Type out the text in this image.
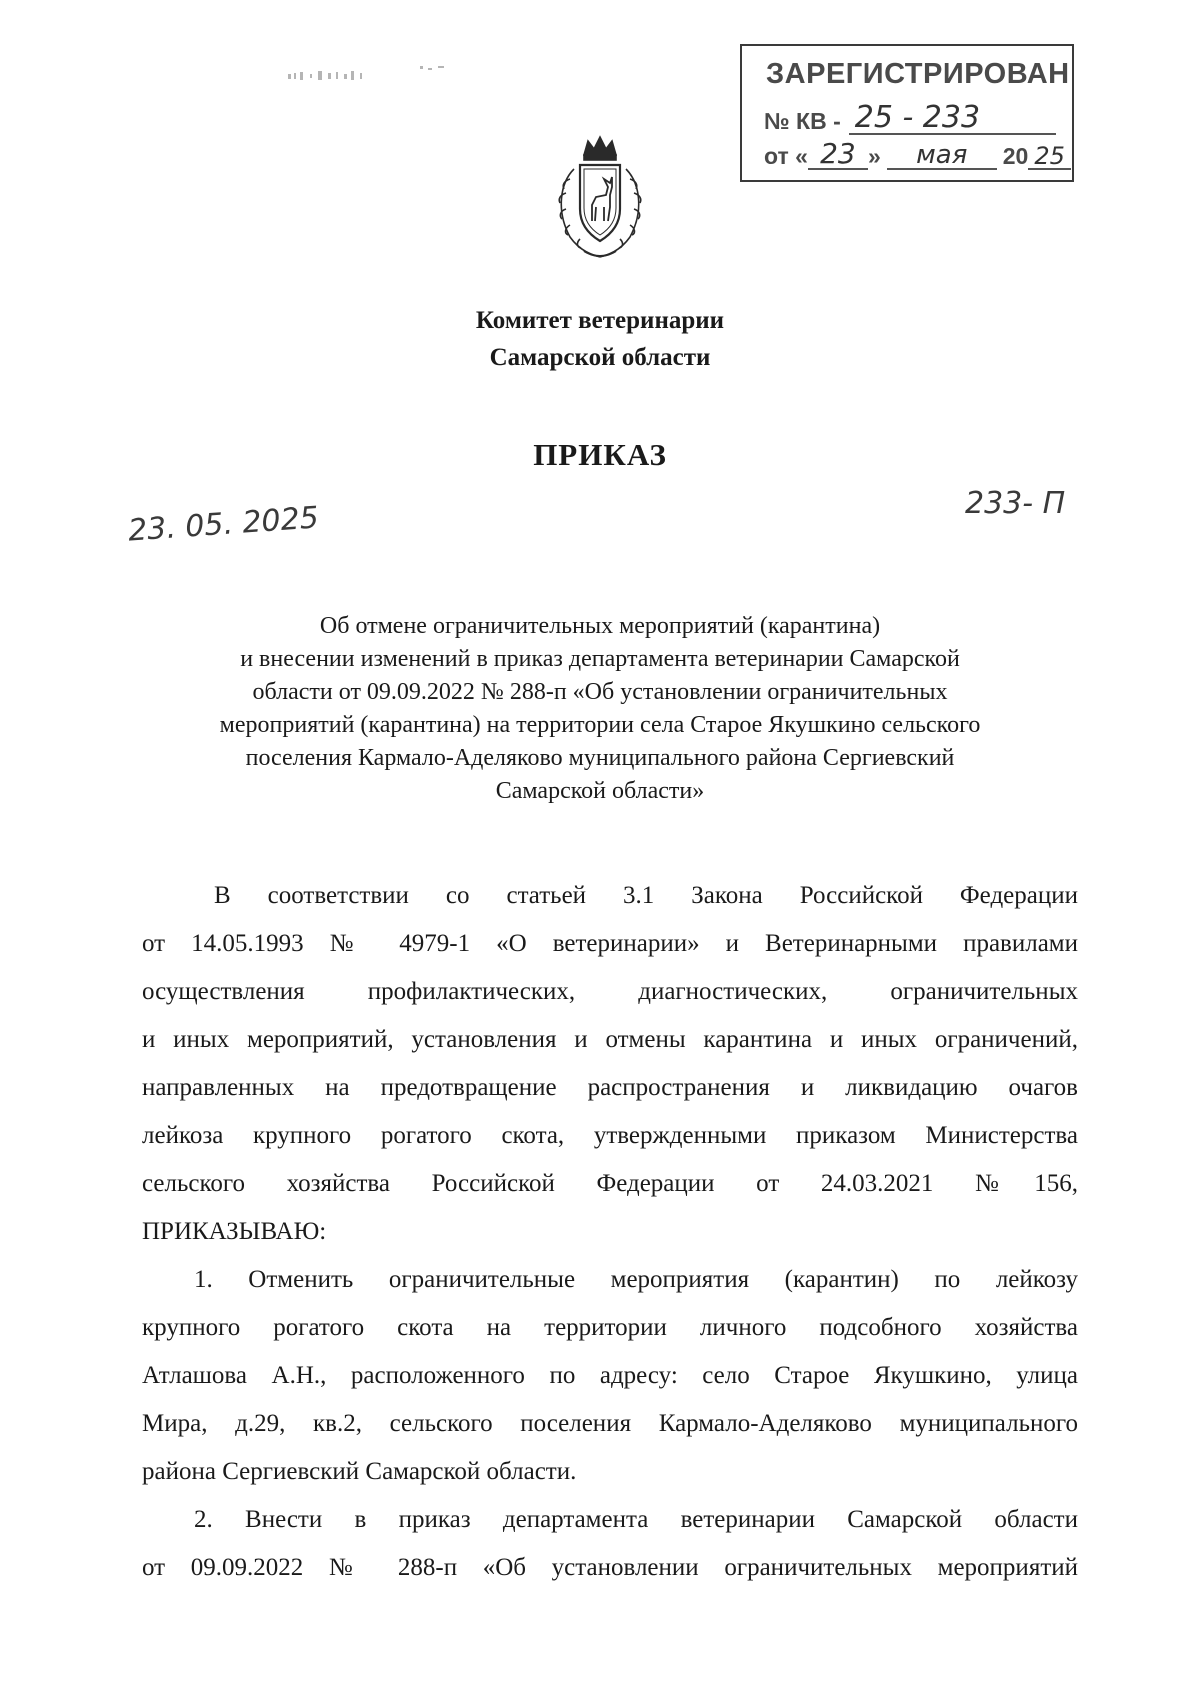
ЗАРЕГИСТРИРОВАН
№ КВ - 25 - 233
от « 23 »	мая	20 25
Комитет ветеринарии
Самарской области
ПРИКАЗ
23. 05. 2025	233- П
Об отмене ограничительных мероприятий (карантина)
и внесении изменений в приказ департамента ветеринарии Самарской
области от 09.09.2022 № 288-п «Об установлении ограничительных
мероприятий (карантина) на территории села Старое Якушкино сельского
поселения Кармало-Аделяково муниципального района Сергиевский
Самарской области»
В соответствии со статьей 3.1 Закона Российской Федерации
от 14.05.1993 № 4979-1 «О ветеринарии» и Ветеринарными правилами
осуществления профилактических, диагностических, ограничительных
и иных мероприятий, установления и отмены карантина и иных ограничений,
направленных на предотвращение распространения и ликвидацию очагов
лейкоза крупного рогатого скота, утвержденными приказом Министерства
сельского хозяйства Российской Федерации от 24.03.2021 №156,
ПРИКАЗЫВАЮ:
1. Отменить ограничительные мероприятия (карантин) по лейкозу
крупного рогатого скота на территории личного подсобного хозяйства
Атлашова А.Н., расположенного по адресу: село Старое Якушкино, улица
Мира, д.29, кв.2, сельского поселения Кармало-Аделяково муниципального
района Сергиевский Самарской области.
2. Внести в приказ департамента ветеринарии Самарской области
от 09.09.2022 № 288-п «Об установлении ограничительных мероприятий
